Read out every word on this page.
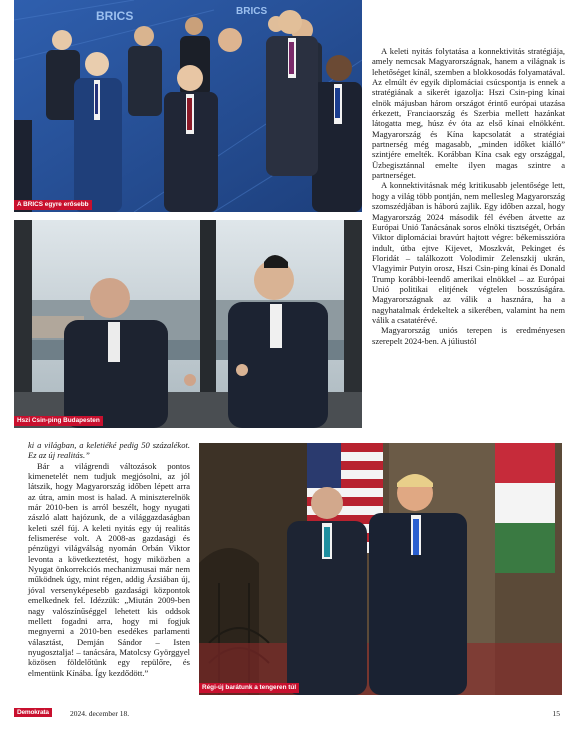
BRICS	BRICS
A BRICS egyre erősebb
Hszi Csin-ping Budapesten

A keleti nyitás folytatása a konnektivitás stratégiája, amely nemcsak Magyarországnak, hanem a világnak is lehetőséget kínál, szemben a blokkosodás folyamatával. Az elmúlt év egyik diplomáciai csúcspontja is ennek a stratégiának a sikerét igazolja: Hszi Csin-ping kínai elnök májusban három országot érintő európai utazása érkezett, Franciaország és Szerbia mellett hazánkat látogatta meg, húsz év óta az első kínai elnökként. Magyarország és Kína kapcsolatát a stratégiai partnerség még magasabb, „minden időket kiálló” szintjére emelték. Korábban Kína csak egy országgal, Üzbegisztánnal emelte ilyen magas szintre a partnerséget.

A konnektivitásnak még kritikusabb jelentősége lett, hogy a világ több pontján, nem mellesleg Magyarország szomszédjában is háború zajlik. Egy időben azzal, hogy Magyarország 2024 második fél évében átvette az Európai Unió Tanácsának soros elnöki tisztségét, Orbán Viktor diplomáciai bravúrt hajtott végre: békemisszióra indult, útba ejtve Kijevet, Moszkvát, Pekinget és Floridát – találkozott Volodimir Zelenszkij ukrán, Vlagyimir Putyin orosz, Hszi Csin-ping kínai és Donald Trump korábbi-leendő amerikai elnökkel – az Európai Unió politikai elitjének végtelen bosszúságára. Magyarországnak az válik a hasznára, ha a nagyhatalmak érdekeltek a sikerében, valamint ha nem válik a csatatérévé.

Magyarország uniós terepen is eredményesen szerepelt 2024-ben. A júliustól

ki a világban, a keletiéké pedig 50 százalékot. Ez az új realitás.”

Bár a világrendi változások pontos kimenetelét nem tudjuk megjósolni, az jól látszik, hogy Magyarország időben lépett arra az útra, amin most is halad. A miniszterelnök már 2010-ben is arról beszélt, hogy nyugati zászló alatt hajózunk, de a világgazdaságban keleti szél fúj. A keleti nyitás egy új realitás felismerése volt. A 2008-as gazdasági és pénzügyi világválság nyomán Orbán Viktor levonta a következtetést, hogy miközben a Nyugat önkorrekciós mechanizmusai már nem működnek úgy, mint régen, addig Ázsiában új, jóval versenyképesebb gazdasági központok emelkednek fel. Idézzük: „Miután 2009-ben nagy valószínűséggel lehetett kis oddsok mellett fogadni arra, hogy mi fogjuk megnyerni a 2010-ben esedékes parlamenti választást, Demján Sándor – Isten nyugosztalja! – tanácsára, Matolcsy Györggyel közösen földelőtünk egy repülőre, és elmentünk Kínába. Így kezdődött.”

Régi-új barátunk a tengeren túl
Demokrata	2024. december 18.	15
